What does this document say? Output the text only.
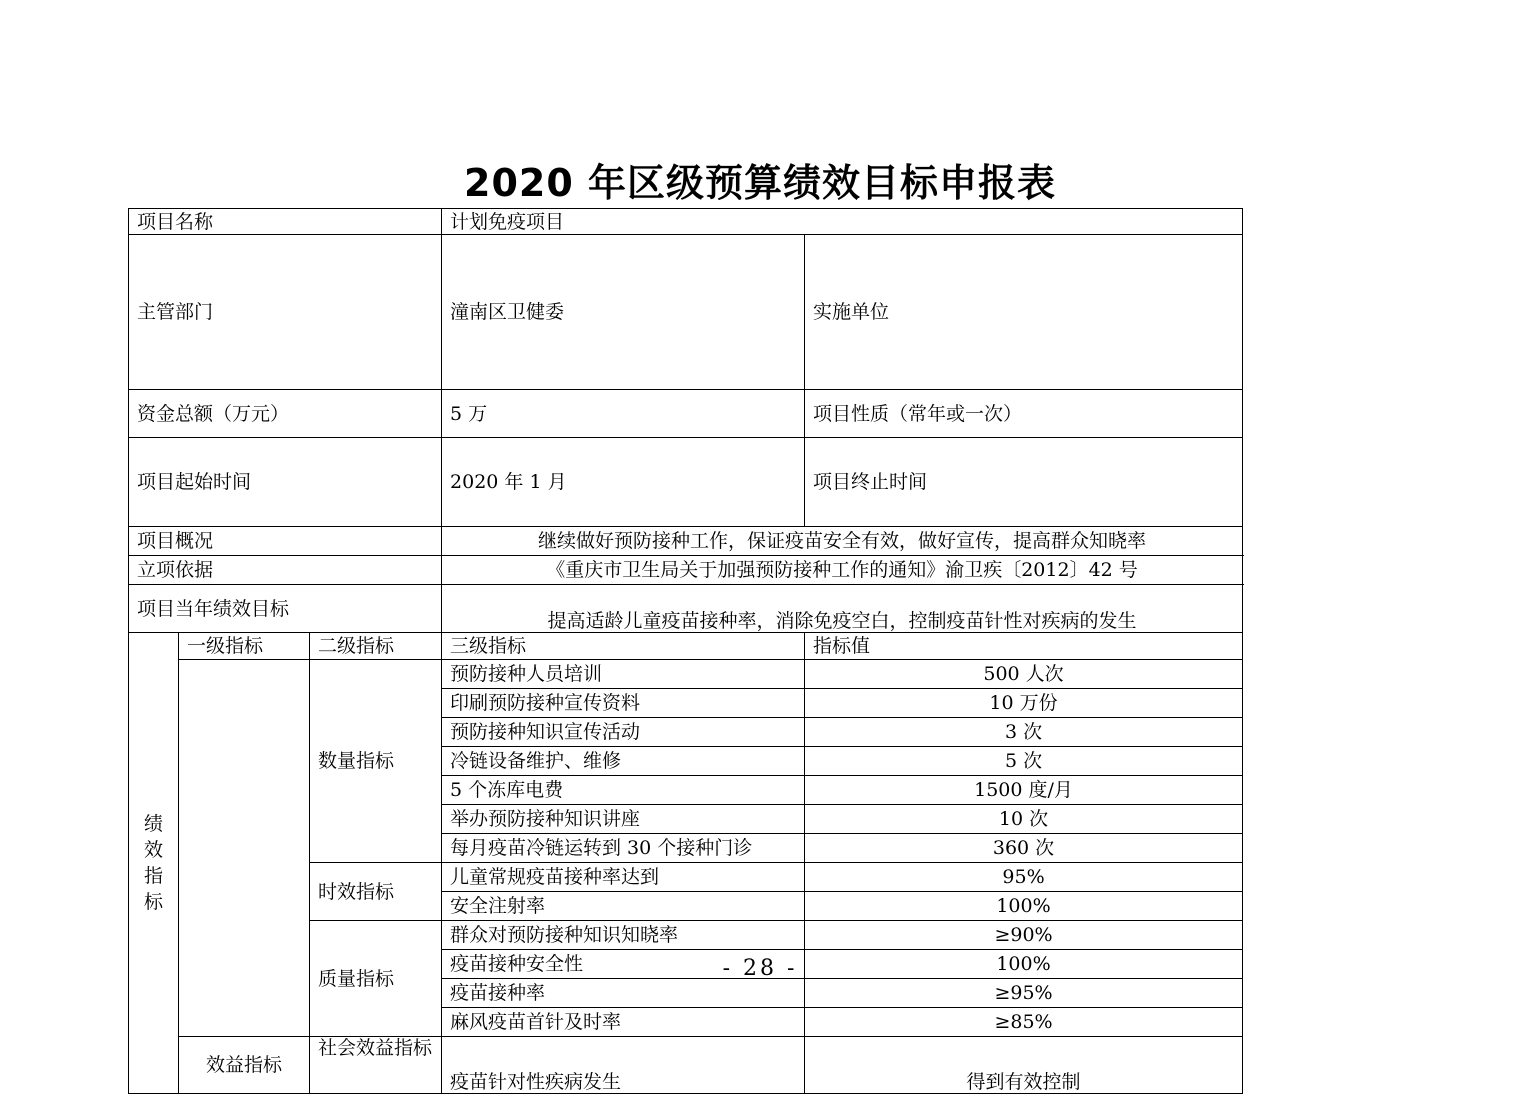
2020 年区级预算绩效目标申报表
项目名称			计划免疫项目		
主管部门			潼南区卫健委	实施单位	
资金总额（万元）			5 万	项目性质（常年或一次）	
项目起始时间			2020 年 1 月	项目终止时间	
项目概况			继续做好预防接种工作，保证疫苗安全有效，做好宣传，提高群众知晓率		
立项依据			《重庆市卫生局关于加强预防接种工作的通知》渝卫疾〔2012〕42 号		
项目当年绩效目标			提高适龄儿童疫苗接种率，消除免疫空白，控制疫苗针性对疾病的发生		
绩效指标	一级指标	二级指标	三级指标	指标值	
		数量指标	预防接种人员培训	500 人次	
			印刷预防接种宣传资料	10 万份	
			预防接种知识宣传活动	3 次	
			冷链设备维护、维修	5 次	
			5 个冻库电费	1500 度/月	
			举办预防接种知识讲座	10 次	
			每月疫苗冷链运转到 30 个接种门诊	360 次	
		时效指标	儿童常规疫苗接种率达到	95%	
			安全注射率	100%	
		质量指标	群众对预防接种知识知晓率	≥90%	
			疫苗接种安全性	100%	
			疫苗接种率	≥95%	
			麻风疫苗首针及时率	≥85%	
	效益指标	社会效益指标	疫苗针对性疾病发生	得到有效控制	
- 28 -
